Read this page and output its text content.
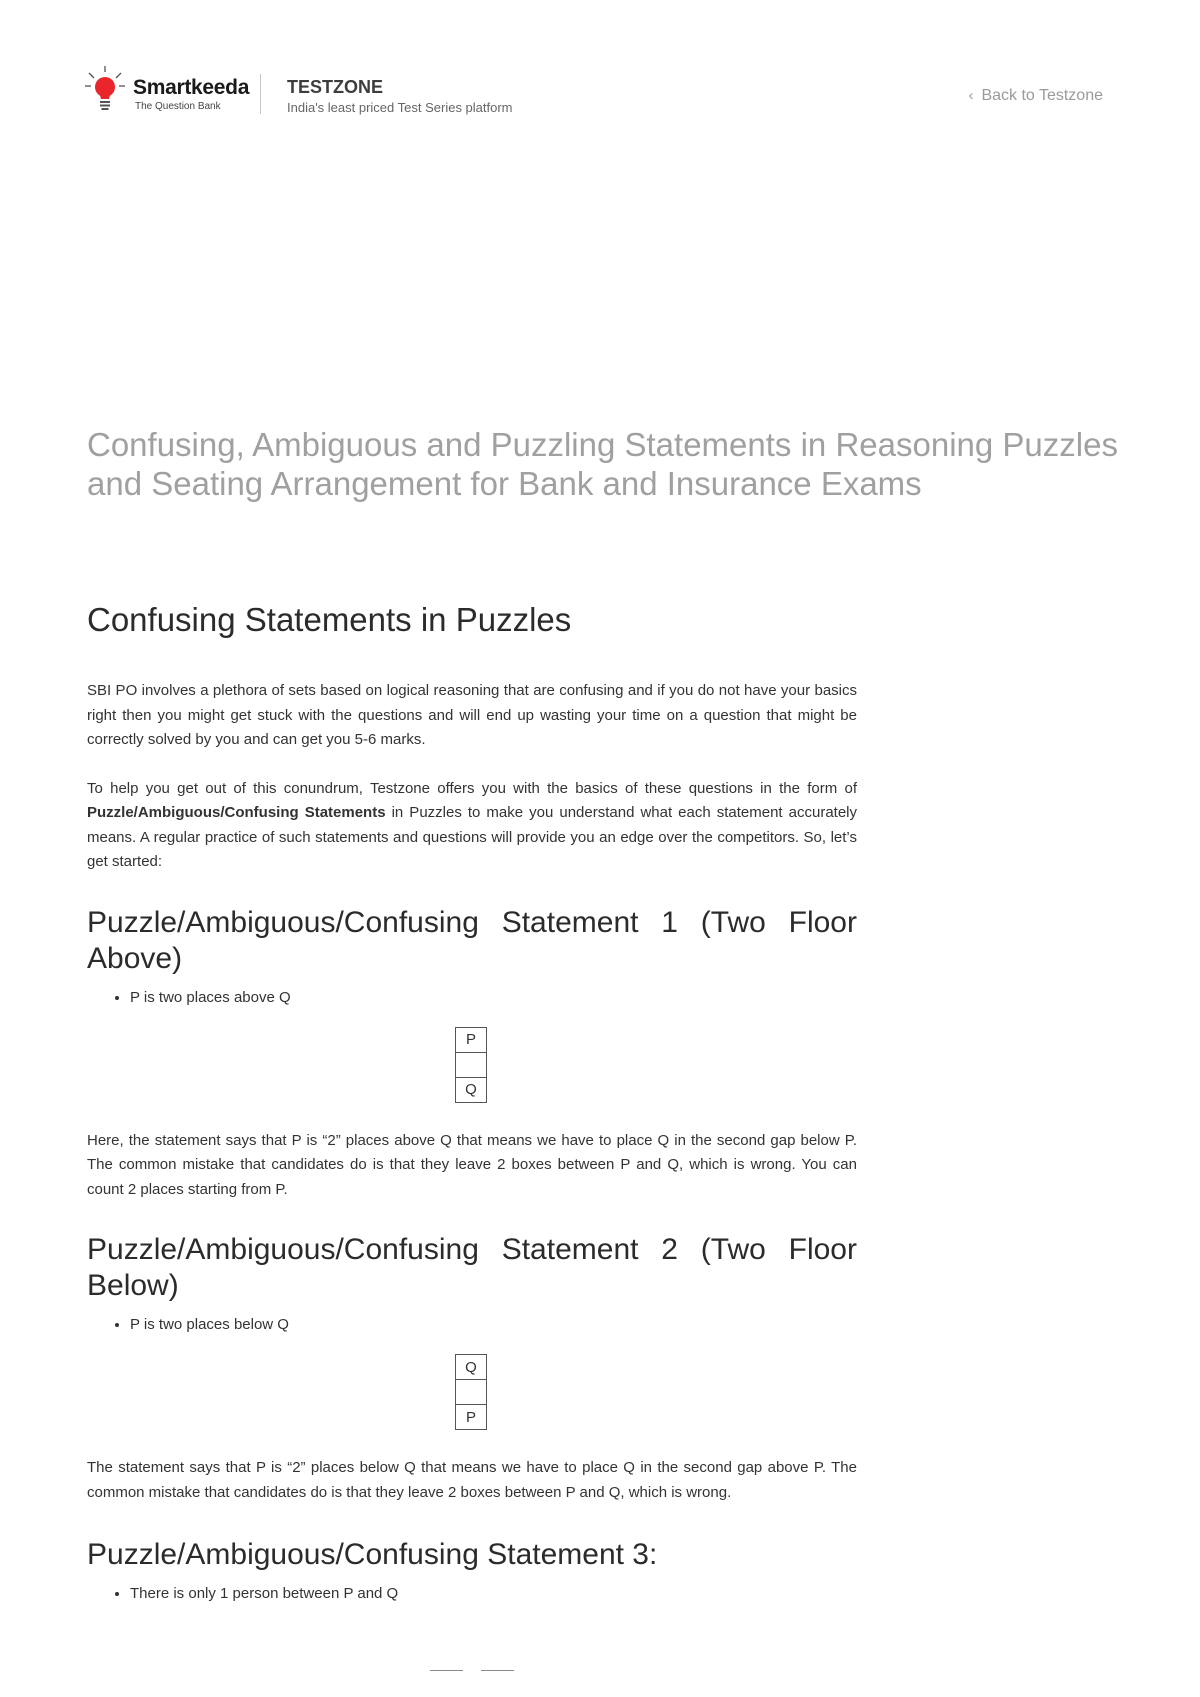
Smartkeeda
The Question Bank
TESTZONE
India's least priced Test Series platform
‹ Back to Testzone
Confusing, Ambiguous and Puzzling Statements in Reasoning Puzzles and Seating Arrangement for Bank and Insurance Exams
Confusing Statements in Puzzles

SBI PO involves a plethora of sets based on logical reasoning that are confusing and if you do not have your basics right then you might get stuck with the questions and will end up wasting your time on a question that might be correctly solved by you and can get you 5-6 marks.

To help you get out of this conundrum, Testzone offers you with the basics of these questions in the form of Puzzle/Ambiguous/Confusing Statements in Puzzles to make you understand what each statement accurately means. A regular practice of such statements and questions will provide you an edge over the competitors. So, let’s get started:

Puzzle/Ambiguous/Confusing Statement 1 (Two Floor Above)
• P is two places above Q
P

Q

Here, the statement says that P is “2” places above Q that means we have to place Q in the second gap below P. The common mistake that candidates do is that they leave 2 boxes between P and Q, which is wrong. You can count 2 places starting from P.

Puzzle/Ambiguous/Confusing Statement 2 (Two Floor Below)
• P is two places below Q
Q

P

The statement says that P is “2” places below Q that means we have to place Q in the second gap above P. The common mistake that candidates do is that they leave 2 boxes between P and Q, which is wrong.

Puzzle/Ambiguous/Confusing Statement 3:
• There is only 1 person between P and Q
